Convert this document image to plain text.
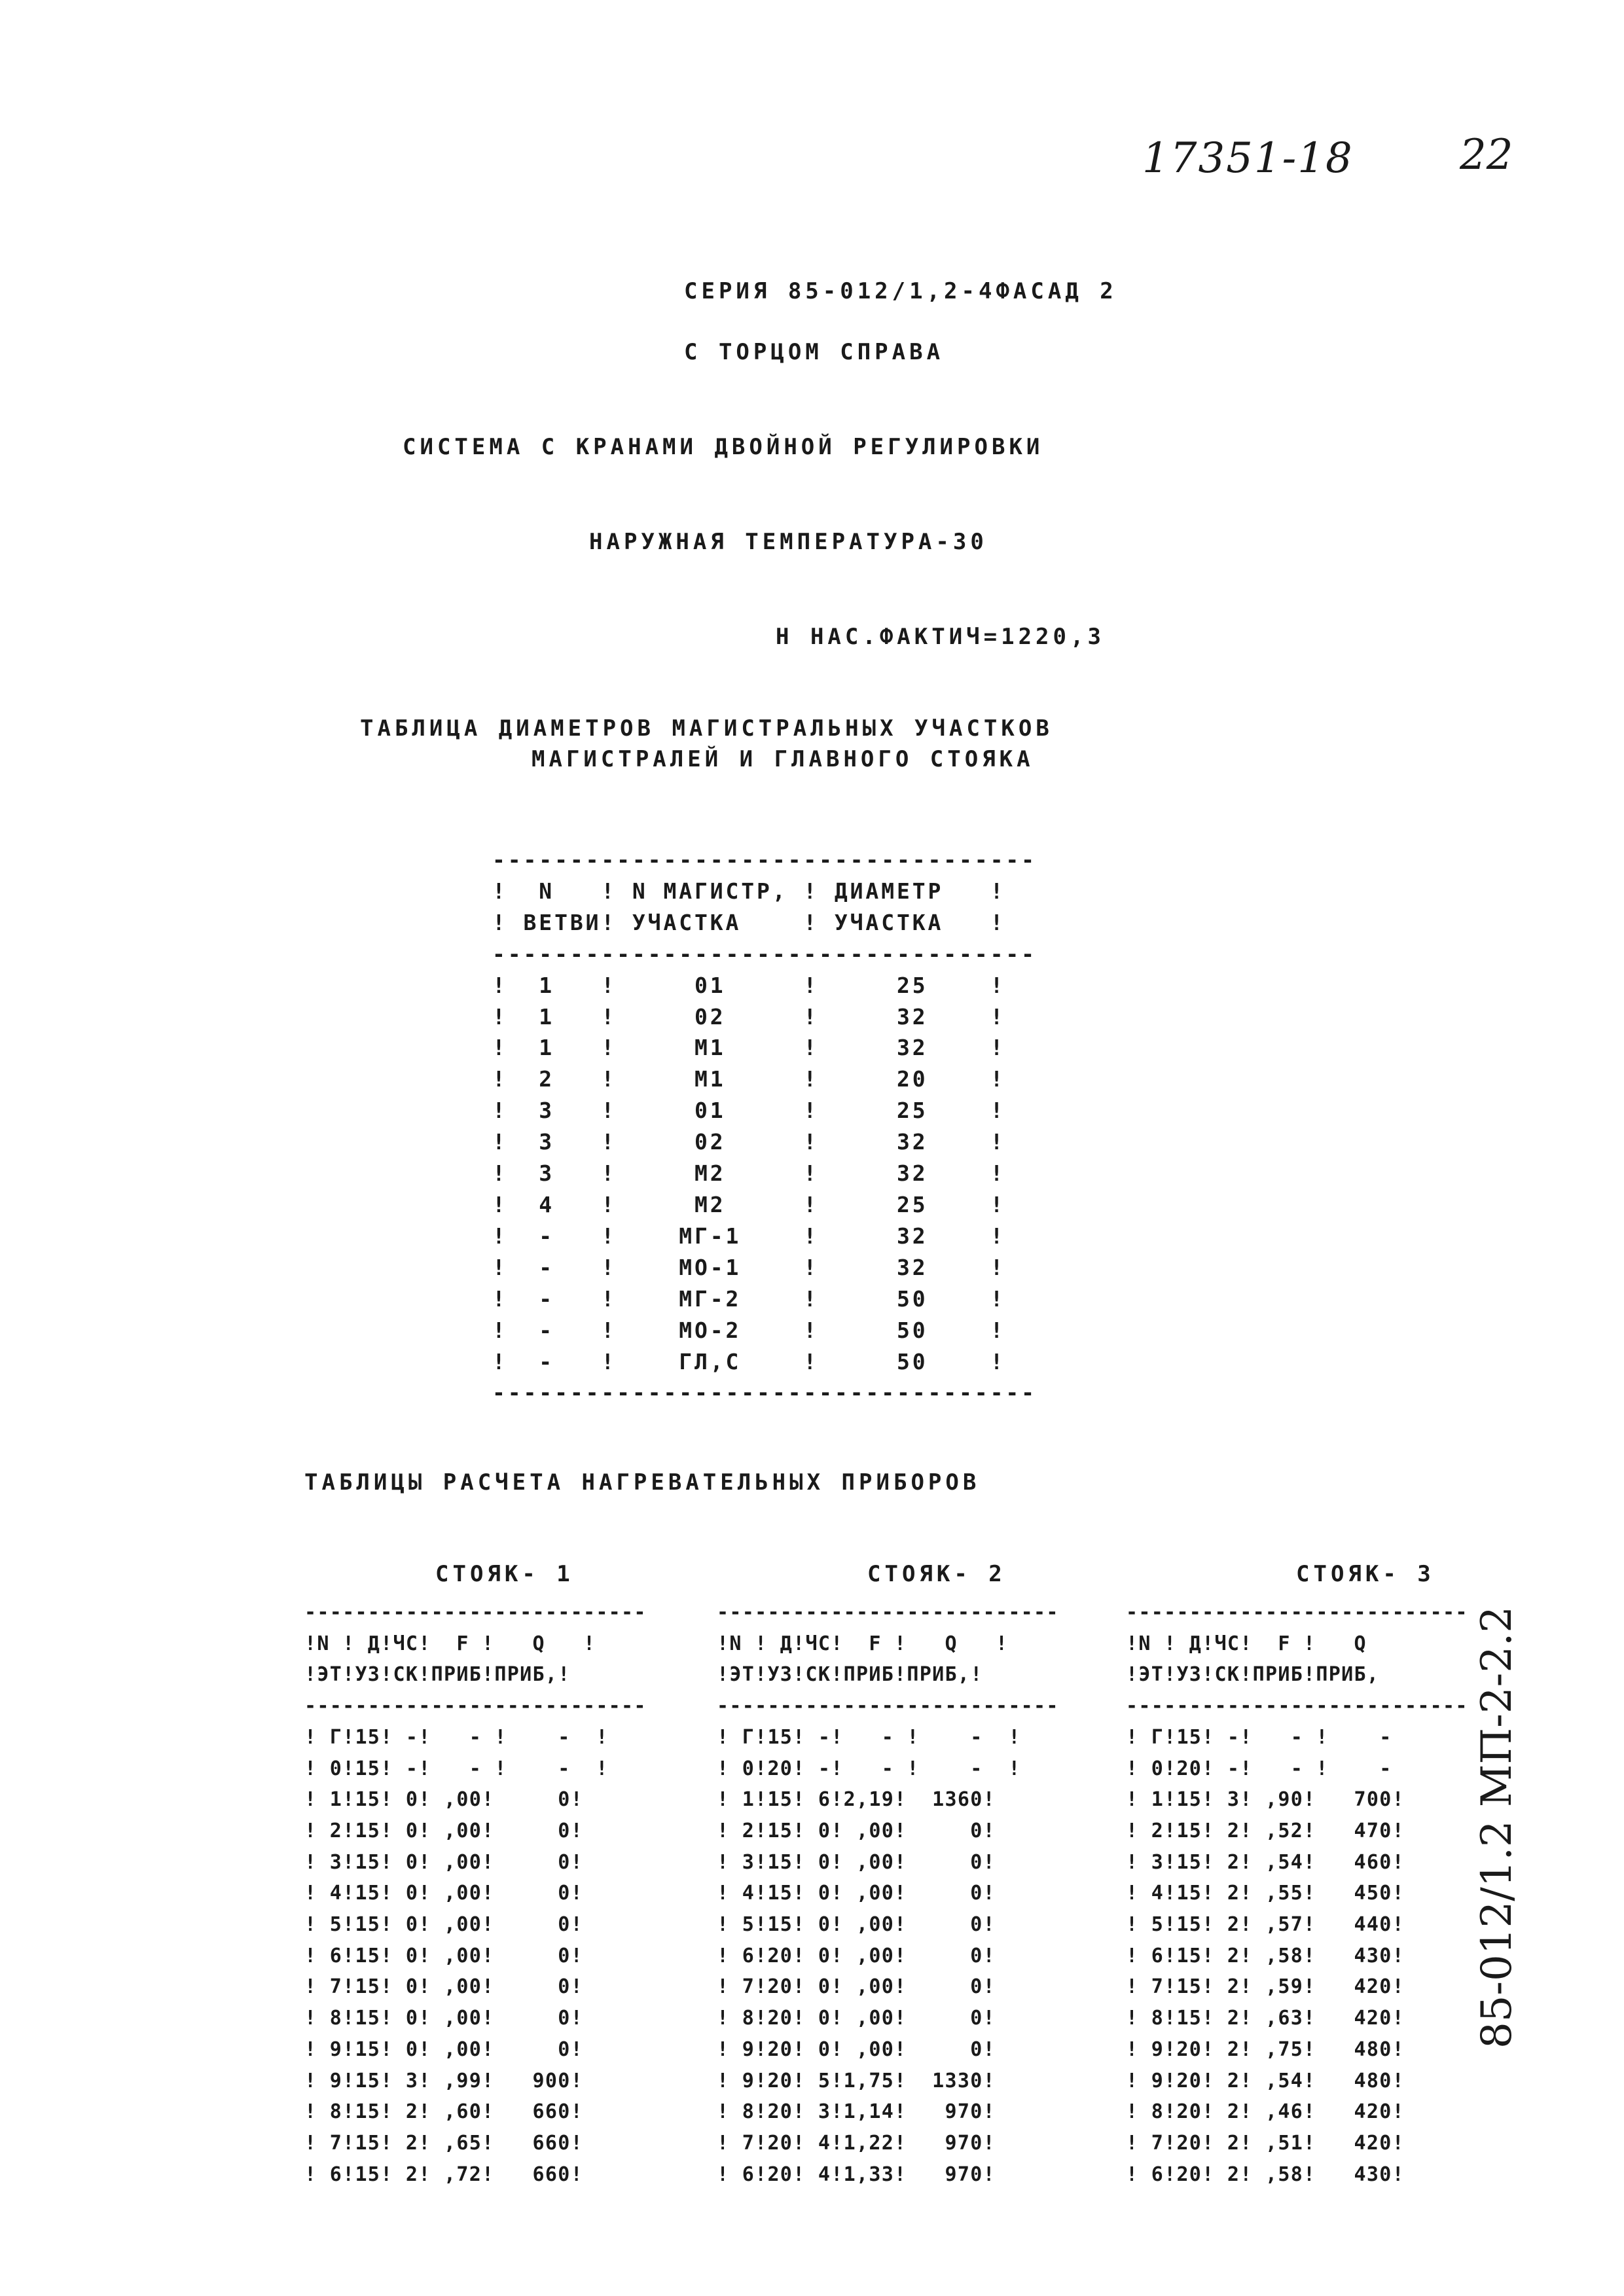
17351-18	22
СЕРИЯ 85-012/1,2-4ФАСАД 2
С ТОРЦОМ СПРАВА
СИСТЕМА С КРАНАМИ ДВОЙНОЙ РЕГУЛИРОВКИ
НАРУЖНАЯ ТЕМПЕРАТУРА-30
Н НАС.ФАКТИЧ=1220,3
ТАБЛИЦА ДИАМЕТРОВ МАГИСТРАЛЬНЫХ УЧАСТКОВ
МАГИСТРАЛЕЙ И ГЛАВНОГО СТОЯКА
-----------------------------------
!  N   ! N МАГИСТР, ! ДИАМЕТР   !
! ВЕТВИ! УЧАСТКА    ! УЧАСТКА   !
-----------------------------------
!  1   !     01     !     25    !
!  1   !     02     !     32    !
!  1   !     М1     !     32    !
!  2   !     М1     !     20    !
!  3   !     01     !     25    !
!  3   !     02     !     32    !
!  3   !     М2     !     32    !
!  4   !     М2     !     25    !
!  -   !    МГ-1    !     32    !
!  -   !    МО-1    !     32    !
!  -   !    МГ-2    !     50    !
!  -   !    МО-2    !     50    !
!  -   !    ГЛ,С    !     50    !
-----------------------------------
ТАБЛИЦЫ РАСЧЕТА НАГРЕВАТЕЛЬНЫХ ПРИБОРОВ
СТОЯК- 1	СТОЯК- 2	СТОЯК- 3
---------------------------
!N ! Д!ЧС!  F !   Q   !
!ЭТ!УЗ!СК!ПРИБ!ПРИБ,!
---------------------------
! Г!15! -!   - !    -  !
! 0!15! -!   - !    -  !
! 1!15! 0! ,00!     0!
! 2!15! 0! ,00!     0!
! 3!15! 0! ,00!     0!
! 4!15! 0! ,00!     0!
! 5!15! 0! ,00!     0!
! 6!15! 0! ,00!     0!
! 7!15! 0! ,00!     0!
! 8!15! 0! ,00!     0!
! 9!15! 0! ,00!     0!
! 9!15! 3! ,99!   900!
! 8!15! 2! ,60!   660!
! 7!15! 2! ,65!   660!
! 6!15! 2! ,72!   660!
---------------------------
!N ! Д!ЧС!  F !   Q   !
!ЭТ!УЗ!СК!ПРИБ!ПРИБ,!
---------------------------
! Г!15! -!   - !    -  !
! 0!20! -!   - !    -  !
! 1!15! 6!2,19!  1360!
! 2!15! 0! ,00!     0!
! 3!15! 0! ,00!     0!
! 4!15! 0! ,00!     0!
! 5!15! 0! ,00!     0!
! 6!20! 0! ,00!     0!
! 7!20! 0! ,00!     0!
! 8!20! 0! ,00!     0!
! 9!20! 0! ,00!     0!
! 9!20! 5!1,75!  1330!
! 8!20! 3!1,14!   970!
! 7!20! 4!1,22!   970!
! 6!20! 4!1,33!   970!
---------------------------
!N ! Д!ЧС!  F !   Q
!ЭТ!УЗ!СК!ПРИБ!ПРИБ,
---------------------------
! Г!15! -!   - !    -
! 0!20! -!   - !    -
! 1!15! 3! ,90!   700!
! 2!15! 2! ,52!   470!
! 3!15! 2! ,54!   460!
! 4!15! 2! ,55!   450!
! 5!15! 2! ,57!   440!
! 6!15! 2! ,58!   430!
! 7!15! 2! ,59!   420!
! 8!15! 2! ,63!   420!
! 9!20! 2! ,75!   480!
! 9!20! 2! ,54!   480!
! 8!20! 2! ,46!   420!
! 7!20! 2! ,51!   420!
! 6!20! 2! ,58!   430!
85-012/1.2 МП-2-2.2
